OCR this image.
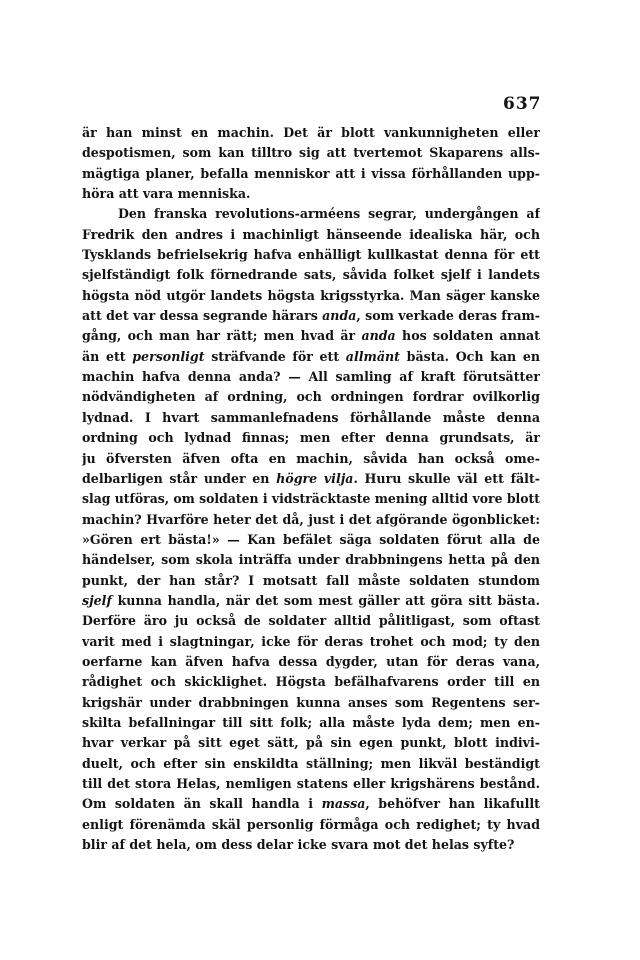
637
är han minst en machin. Det är blott vankunnigheten eller
despotismen, som kan tilltro sig att tvertemot Skaparens alls-
mägtiga planer, befalla menniskor att i vissa förhållanden upp-
höra att vara menniska.
Den franska revolutions-arméens segrar, undergången af
Fredrik den andres i machinligt hänseende idealiska här, och
Tysklands befrielsekrig hafva enhälligt kullkastat denna för ett
sjelfständigt folk förnedrande sats, såvida folket sjelf i landets
högsta nöd utgör landets högsta krigsstyrka. Man säger kanske
att det var dessa segrande härars anda, som verkade deras fram-
gång, och man har rätt; men hvad är anda hos soldaten annat
än ett personligt sträfvande för ett allmänt bästa. Och kan en
machin hafva denna anda? — All samling af kraft förutsätter
nödvändigheten af ordning, och ordningen fordrar ovilkorlig
lydnad. I hvart sammanlefnadens förhållande måste denna
ordning och lydnad finnas; men efter denna grundsats, är
ju öfversten äfven ofta en machin, såvida han också ome-
delbarligen står under en högre vilja. Huru skulle väl ett fält-
slag utföras, om soldaten i vidsträcktaste mening alltid vore blott
machin? Hvarföre heter det då, just i det afgörande ögonblicket:
»Gören ert bästa!» — Kan befälet säga soldaten förut alla de
händelser, som skola inträffa under drabbningens hetta på den
punkt, der han står? I motsatt fall måste soldaten stundom
sjelf kunna handla, när det som mest gäller att göra sitt bästa.
Derföre äro ju också de soldater alltid pålitligast, som oftast
varit med i slagtningar, icke för deras trohet och mod; ty den
oerfarne kan äfven hafva dessa dygder, utan för deras vana,
rådighet och skicklighet. Högsta befälhafvarens order till en
krigshär under drabbningen kunna anses som Regentens ser-
skilta befallningar till sitt folk; alla måste lyda dem; men en-
hvar verkar på sitt eget sätt, på sin egen punkt, blott indivi-
duelt, och efter sin enskildta ställning; men likväl beständigt
till det stora Helas, nemligen statens eller krigshärens bestånd.
Om soldaten än skall handla i massa, behöfver han likafullt
enligt förenämda skäl personlig förmåga och redighet; ty hvad
blir af det hela, om dess delar icke svara mot det helas syfte?
